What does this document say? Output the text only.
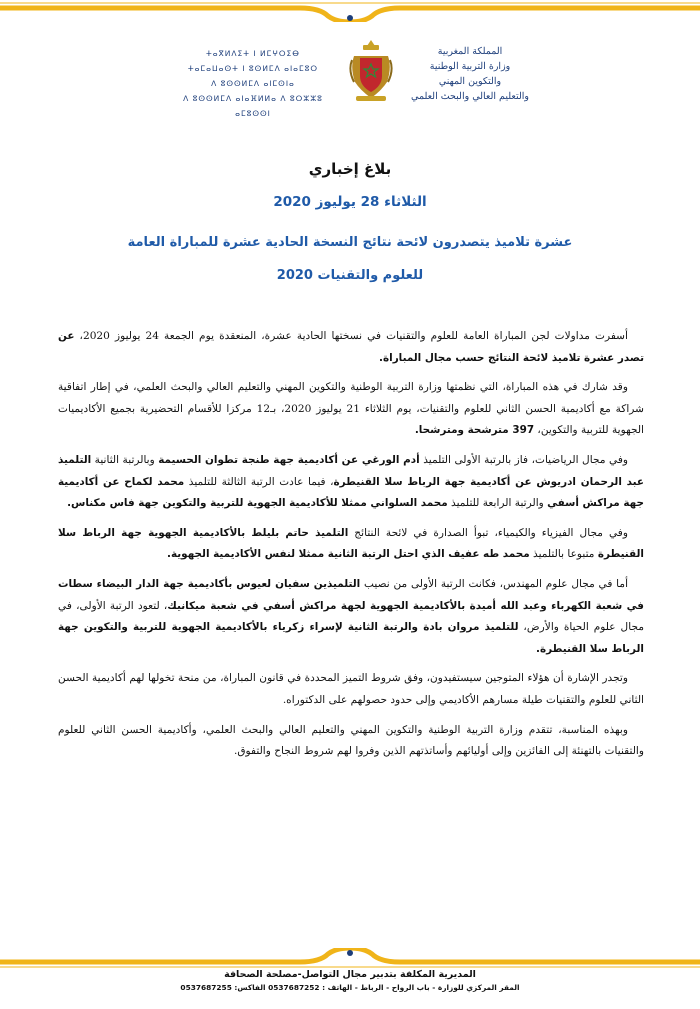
ⵜⴰⴳⵍⴷⵉⵜ ⵏ ⵍⵎⵖⵔⵉⴱ
ⵜⴰⵎⴰⵡⴰⵙⵜ ⵏ ⵓⵙⵍⵎⴷ ⴰⵏⴰⵎⵓⵔ
ⴷ ⵓⵙⵙⵍⵎⴷ ⴰⵏⵎⵙⵏⴰ
ⴷ ⵓⵙⵙⵍⵎⴷ ⴰⵏⴰⴼⵍⵍⴰ ⴷ ⵓⵔⵣⵣⵓ ⴰⵎⵓⵙⵙⵏ
المملكة المغربية
وزارة التربية الوطنية
والتكوين المهني
والتعليم العالي والبحث العلمي

بلاغ إخباري

الثلاثاء 28 يوليوز 2020

عشرة تلاميذ يتصدرون لائحة نتائج النسخة الحادية عشرة للمباراة العامة
للعلوم والتقنيات 2020

أسفرت مداولات لجن المباراة العامة للعلوم والتقنيات في نسختها الحادية عشرة، المنعقدة يوم الجمعة 24 يوليوز 2020، عن تصدر عشرة تلاميذ لائحة النتائج حسب مجال المباراة.

وقد شارك في هذه المباراة، التي نظمتها وزارة التربية الوطنية والتكوين المهني والتعليم العالي والبحث العلمي، في إطار اتفاقية شراكة مع أكاديمية الحسن الثاني للعلوم والتقنيات، يوم الثلاثاء 21 يوليوز 2020، بـ12 مركزا للأقسام التحضيرية بجميع الأكاديميات الجهوية للتربية والتكوين، 397 مترشحة ومترشحا.

وفي مجال الرياضيات، فاز بالرتبة الأولى التلميذ أدم الورغي عن أكاديمية جهة طنجة تطوان الحسيمة وبالرتبة الثانية التلميذ عبد الرحمان ادريوش عن أكاديمية جهة الرباط سلا القنيطرة، فيما عادت الرتبة الثالثة للتلميذ محمد لكماح عن أكاديمية جهة مراكش أسفي والرتبة الرابعة للتلميذ محمد السلواني ممثلا للأكاديمية الجهوية للتربية والتكوين جهة فاس مكناس.

وفي مجال الفيزياء والكيمياء، تبوأ الصدارة في لائحة النتائج التلميذ حاتم بليلط بالأكاديمية الجهوية جهة الرباط سلا القنيطرة متبوعا بالتلميذ محمد طه عفيف الذي احتل الرتبة الثانية ممثلا لنفس الأكاديمية الجهوية.

أما في مجال علوم المهندس، فكانت الرتبة الأولى من نصيب التلميذين سفيان لعيوس بأكاديمية جهة الدار البيضاء سطات في شعبة الكهرباء وعبد الله أميدة بالأكاديمية الجهوية لجهة مراكش أسفي في شعبة ميكانيك، لتعود الرتبة الأولى، في مجال علوم الحياة والأرض، للتلميذ مروان بادة والرتبة الثانية لإسراء زكرياء بالأكاديمية الجهوية للتربية والتكوين جهة الرباط سلا القنيطرة.

وتجدر الإشارة أن هؤلاء المتوجين سيستفيدون، وفق شروط التميز المحددة في قانون المباراة، من منحة تخولها لهم أكاديمية الحسن الثاني للعلوم والتقنيات طيلة مسارهم الأكاديمي وإلى حدود حصولهم على الدكتوراه.

وبهذه المناسبة، تتقدم وزارة التربية الوطنية والتكوين المهني والتعليم العالي والبحث العلمي، وأكاديمية الحسن الثاني للعلوم والتقنيات بالتهنئة إلى الفائزين وإلى أوليائهم وأساتذتهم الذين وفروا لهم شروط النجاح والتفوق.

المديرية المكلفة بتدبير مجال التواصل-مصلحة الصحافة
المقر المركزي للوزارة - باب الرواح - الرباط - الهاتف : 0537687252 الفاكس: 0537687255
